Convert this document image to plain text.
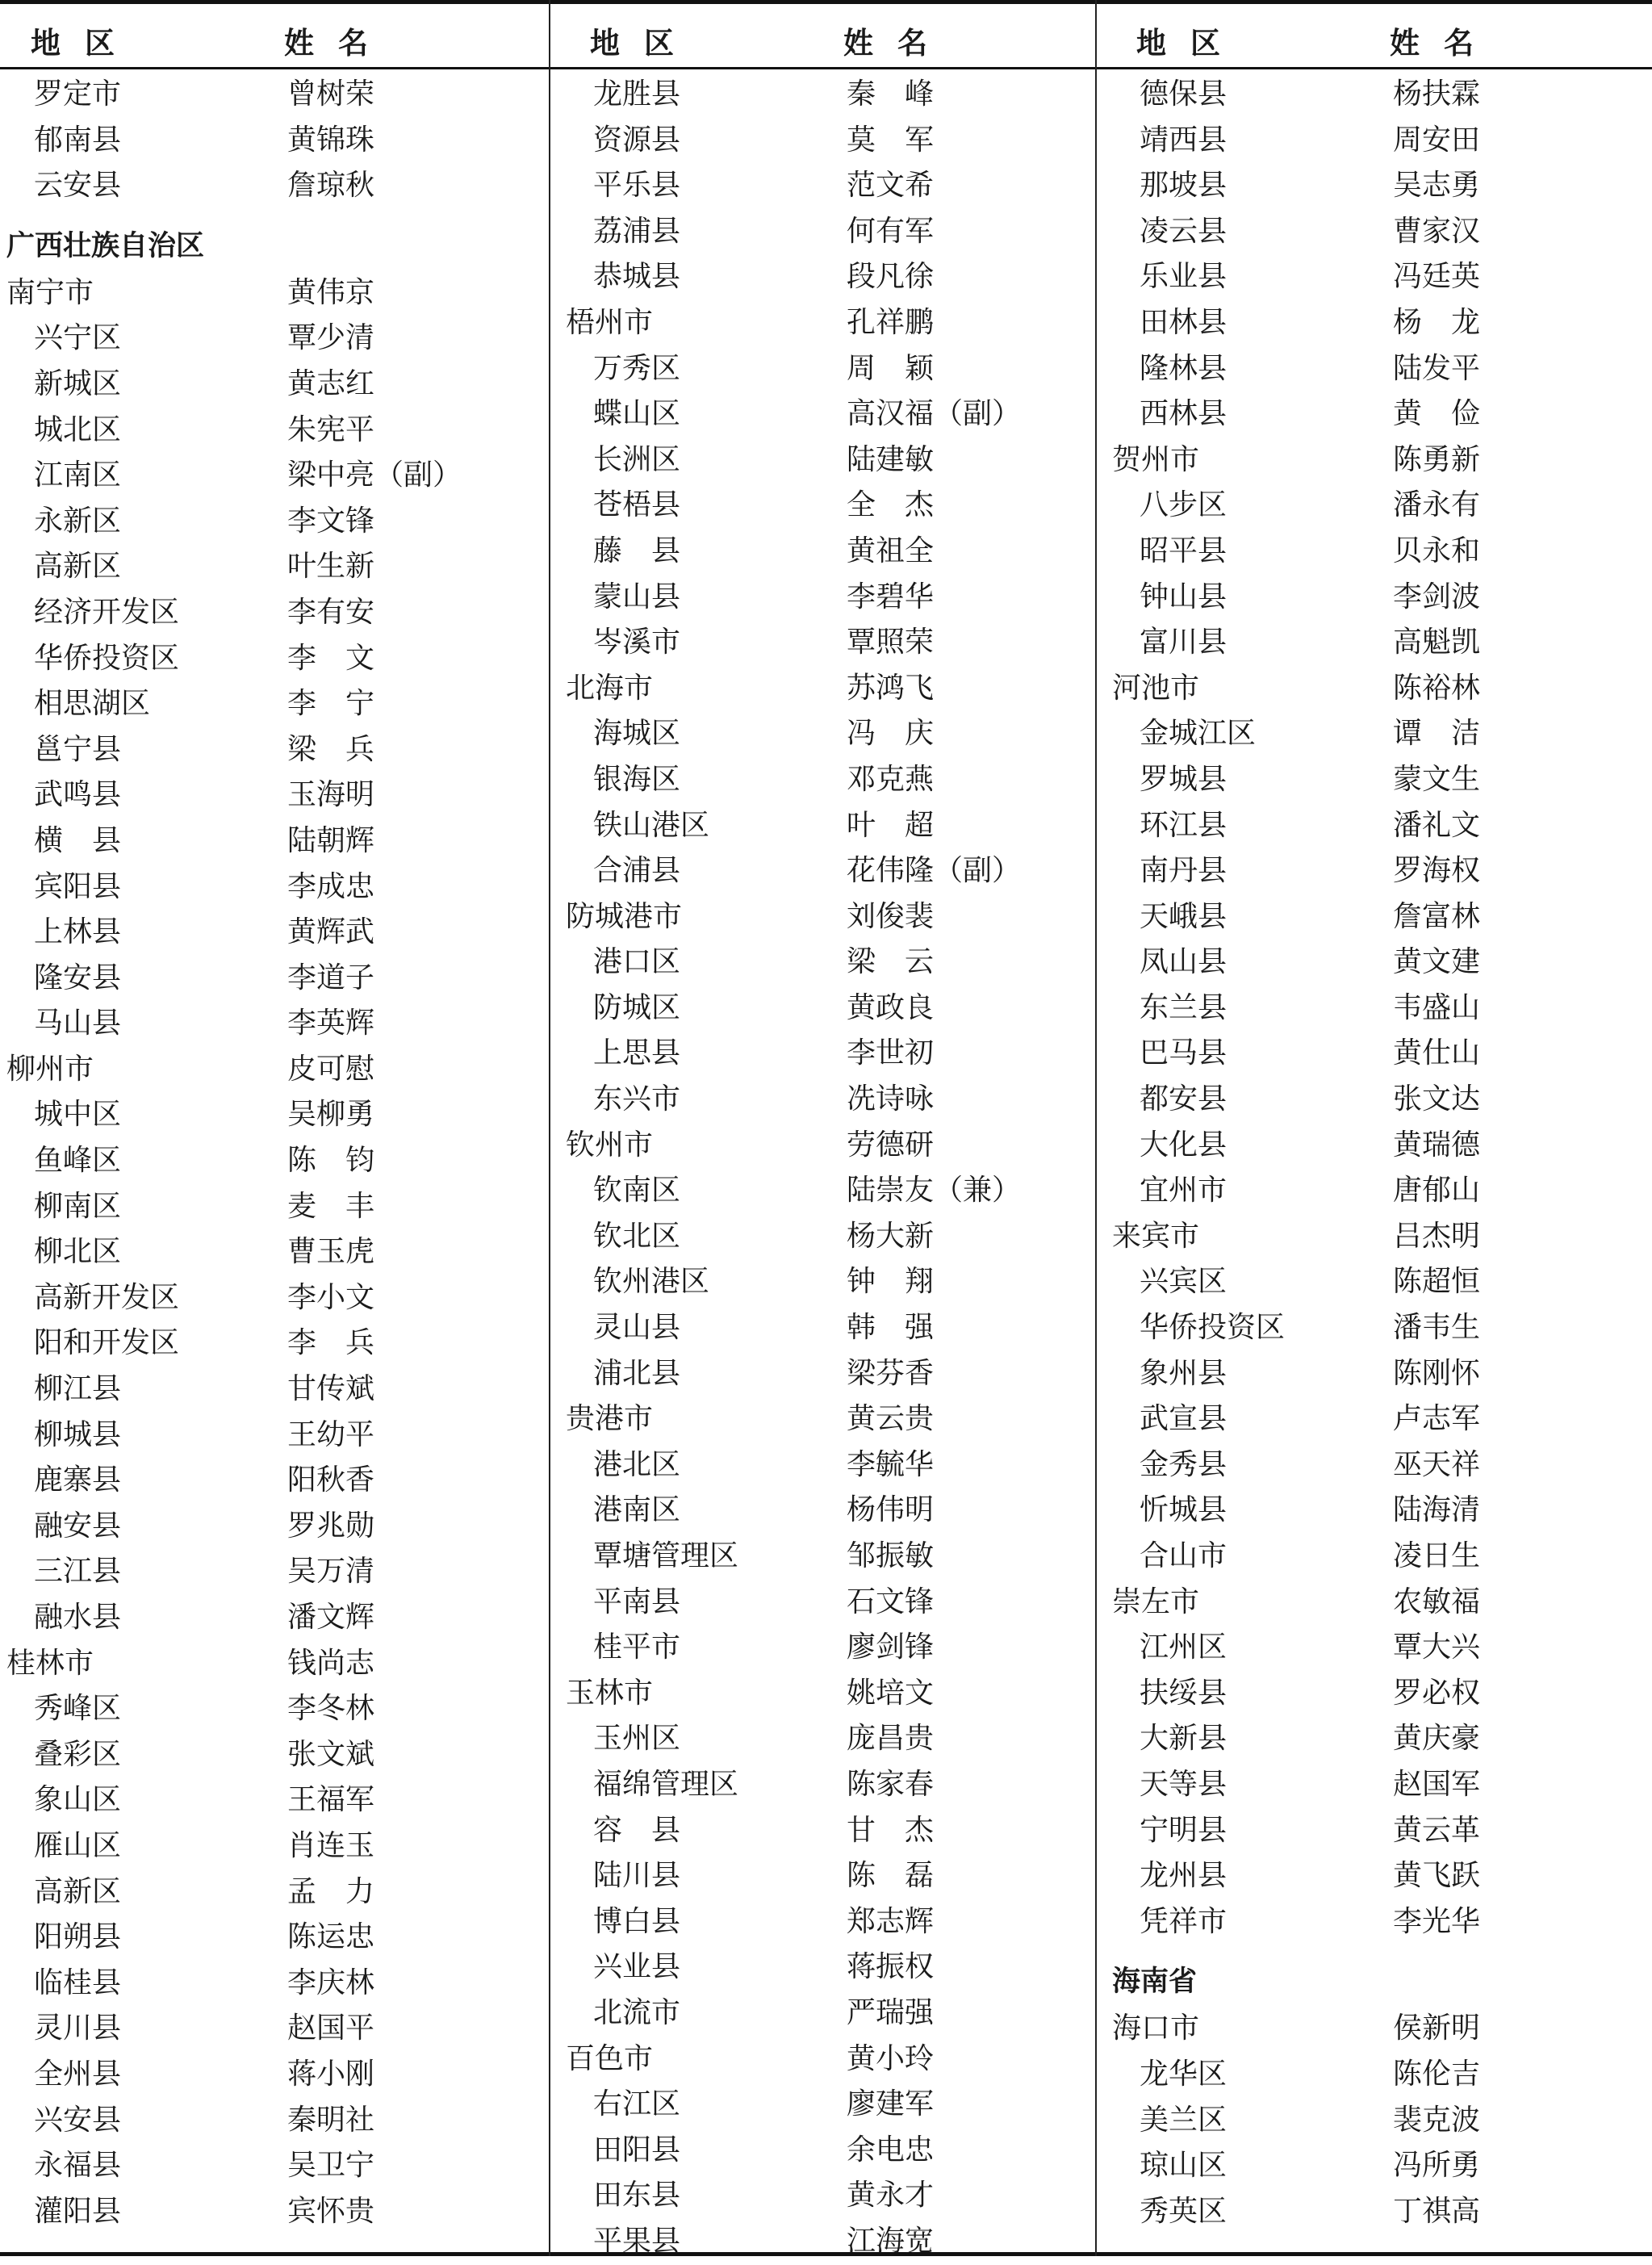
地区	姓名
罗定市	曾树荣
郁南县	黄锦珠
云安县	詹琼秋
广西壮族自治区
南宁市	黄伟京
兴宁区	覃少清
新城区	黄志红
城北区	朱宪平
江南区	梁中亮（副）
永新区	李文锋
高新区	叶生新
经济开发区	李有安
华侨投资区	李　文
相思湖区	李　宁
邕宁县	梁　兵
武鸣县	玉海明
横　县	陆朝辉
宾阳县	李成忠
上林县	黄辉武
隆安县	李道子
马山县	李英辉
柳州市	皮可慰
城中区	吴柳勇
鱼峰区	陈　钧
柳南区	麦　丰
柳北区	曹玉虎
高新开发区	李小文
阳和开发区	李　兵
柳江县	甘传斌
柳城县	王幼平
鹿寨县	阳秋香
融安县	罗兆勋
三江县	吴万清
融水县	潘文辉
桂林市	钱尚志
秀峰区	李冬林
叠彩区	张文斌
象山区	王福军
雁山区	肖连玉
高新区	孟　力
阳朔县	陈运忠
临桂县	李庆林
灵川县	赵国平
全州县	蒋小刚
兴安县	秦明社
永福县	吴卫宁
灌阳县	宾怀贵
地区	姓名
龙胜县	秦　峰
资源县	莫　军
平乐县	范文希
荔浦县	何有军
恭城县	段凡徐
梧州市	孔祥鹏
万秀区	周　颖
蝶山区	高汉福（副）
长洲区	陆建敏
苍梧县	全　杰
藤　县	黄祖全
蒙山县	李碧华
岑溪市	覃照荣
北海市	苏鸿飞
海城区	冯　庆
银海区	邓克燕
铁山港区	叶　超
合浦县	花伟隆（副）
防城港市	刘俊裴
港口区	梁　云
防城区	黄政良
上思县	李世初
东兴市	冼诗咏
钦州市	劳德研
钦南区	陆崇友（兼）
钦北区	杨大新
钦州港区	钟　翔
灵山县	韩　强
浦北县	梁芬香
贵港市	黄云贵
港北区	李毓华
港南区	杨伟明
覃塘管理区	邹振敏
平南县	石文锋
桂平市	廖剑锋
玉林市	姚培文
玉州区	庞昌贵
福绵管理区	陈家春
容　县	甘　杰
陆川县	陈　磊
博白县	郑志辉
兴业县	蒋振权
北流市	严瑞强
百色市	黄小玲
右江区	廖建军
田阳县	余电忠
田东县	黄永才
平果县	江海宽
地区	姓名
德保县	杨扶霖
靖西县	周安田
那坡县	吴志勇
凌云县	曹家汉
乐业县	冯廷英
田林县	杨　龙
隆林县	陆发平
西林县	黄　俭
贺州市	陈勇新
八步区	潘永有
昭平县	贝永和
钟山县	李剑波
富川县	高魁凯
河池市	陈裕林
金城江区	谭　洁
罗城县	蒙文生
环江县	潘礼文
南丹县	罗海权
天峨县	詹富林
凤山县	黄文建
东兰县	韦盛山
巴马县	黄仕山
都安县	张文达
大化县	黄瑞德
宜州市	唐郁山
来宾市	吕杰明
兴宾区	陈超恒
华侨投资区	潘韦生
象州县	陈刚怀
武宣县	卢志军
金秀县	巫天祥
忻城县	陆海清
合山市	凌日生
崇左市	农敏福
江州区	覃大兴
扶绥县	罗必权
大新县	黄庆豪
天等县	赵国军
宁明县	黄云革
龙州县	黄飞跃
凭祥市	李光华
海南省
海口市	侯新明
龙华区	陈伦吉
美兰区	裴克波
琼山区	冯所勇
秀英区	丁祺高
